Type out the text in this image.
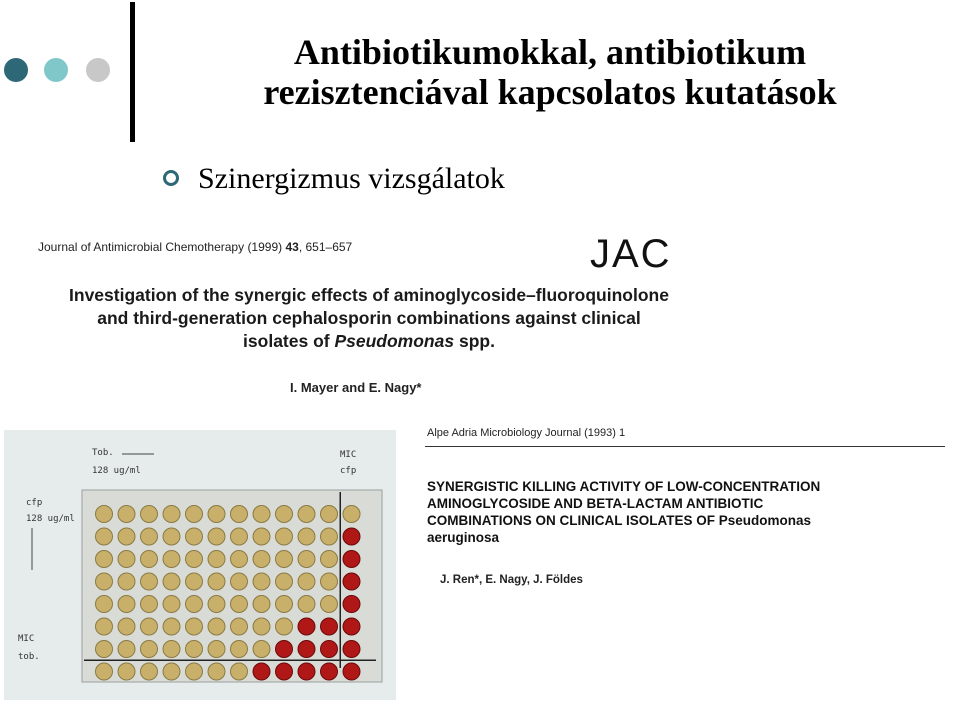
Antibiotikumokkal, antibiotikum
rezisztenciával kapcsolatos kutatások
Szinergizmus vizsgálatok
Journal of Antimicrobial Chemotherapy (1999) 43, 651–657	JAC
Investigation of the synergic effects of aminoglycoside–fluoroquinolone
and third-generation cephalosporin combinations against clinical
isolates of Pseudomonas spp.
I. Mayer and E. Nagy*
Tob.
128 ug/ml
MIC
cfp
cfp
128 ug/ml
MIC
tob.
Alpe Adria Microbiology Journal (1993) 1
SYNERGISTIC KILLING ACTIVITY OF LOW-CONCENTRATION
AMINOGLYCOSIDE AND BETA-LACTAM ANTIBIOTIC
COMBINATIONS ON CLINICAL ISOLATES OF Pseudomonas
aeruginosa
J. Ren*, E. Nagy, J. Földes
